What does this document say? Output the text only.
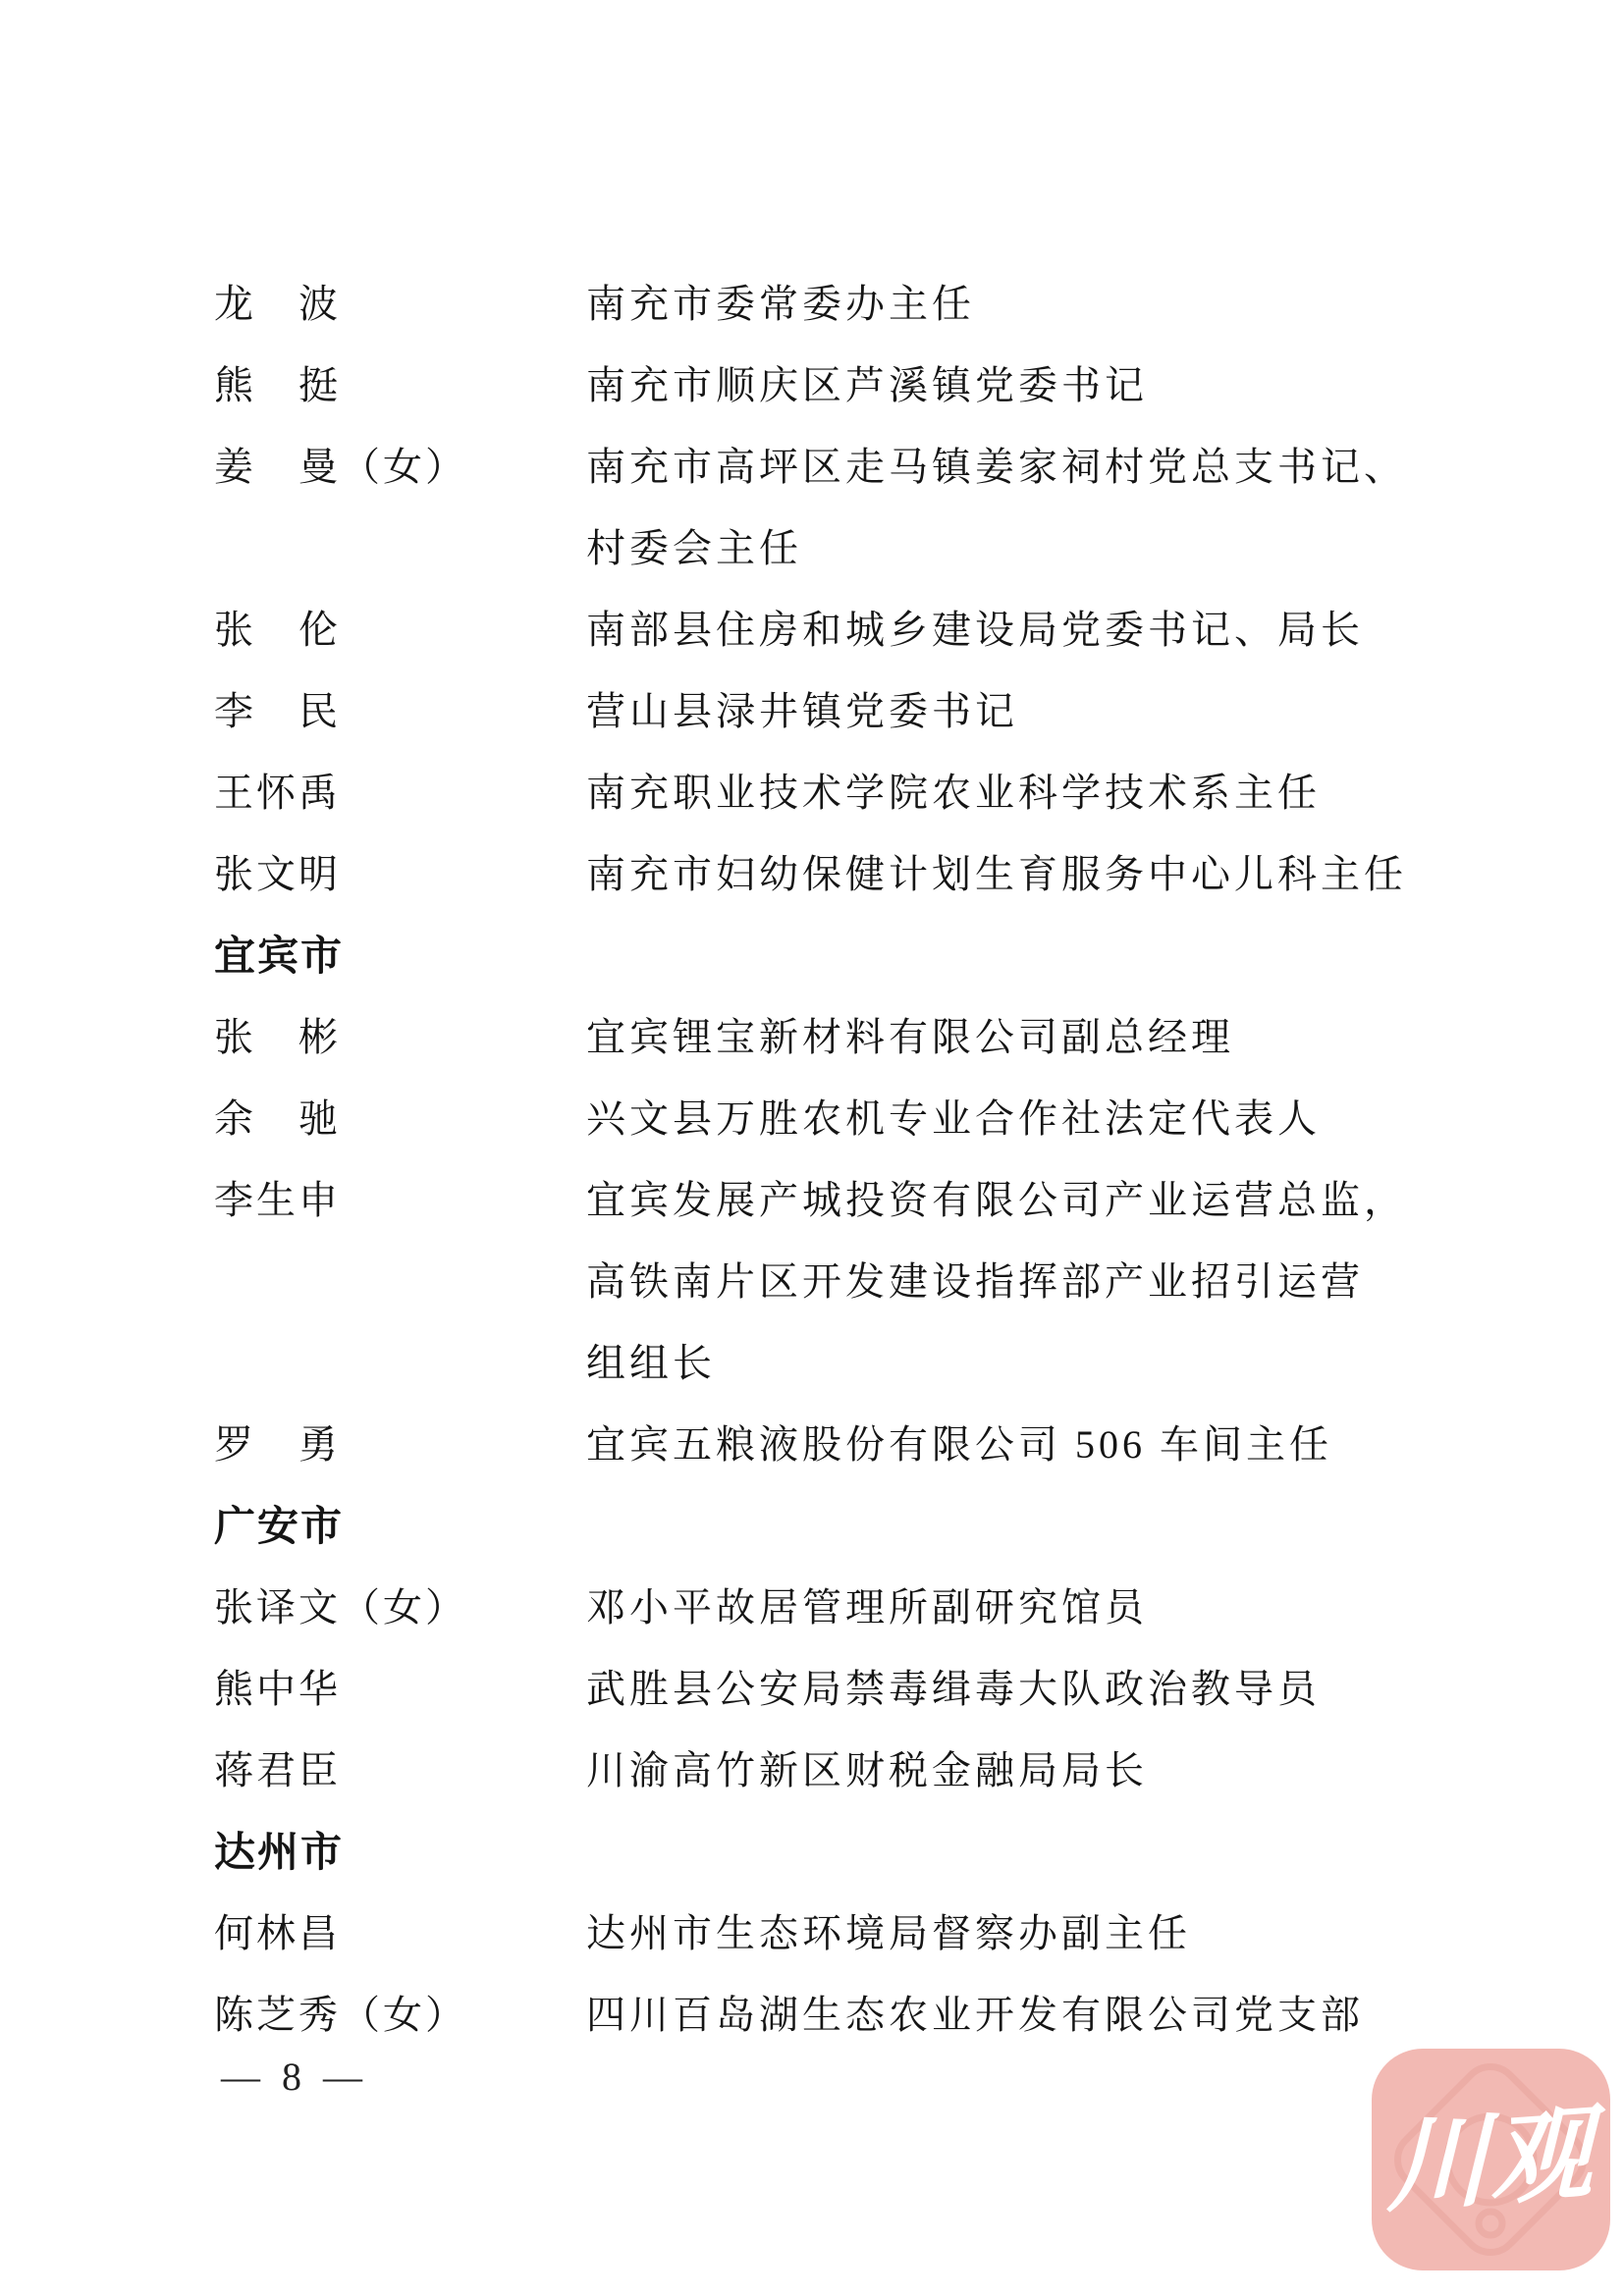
龙　波	南充市委常委办主任
熊　挺	南充市顺庆区芦溪镇党委书记
姜　曼（女）	南充市高坪区走马镇姜家祠村党总支书记、
村委会主任
张　伦	南部县住房和城乡建设局党委书记、局长
李　民	营山县渌井镇党委书记
王怀禹	南充职业技术学院农业科学技术系主任
张文明	南充市妇幼保健计划生育服务中心儿科主任
宜宾市
张　彬	宜宾锂宝新材料有限公司副总经理
余　驰	兴文县万胜农机专业合作社法定代表人
李生申	宜宾发展产城投资有限公司产业运营总监，
高铁南片区开发建设指挥部产业招引运营
组组长
罗　勇	宜宾五粮液股份有限公司 506 车间主任
广安市
张译文（女）	邓小平故居管理所副研究馆员
熊中华	武胜县公安局禁毒缉毒大队政治教导员
蒋君臣	川渝高竹新区财税金融局局长
达州市
何林昌	达州市生态环境局督察办副主任
陈芝秀（女）	四川百岛湖生态农业开发有限公司党支部
— 8 —
川观
